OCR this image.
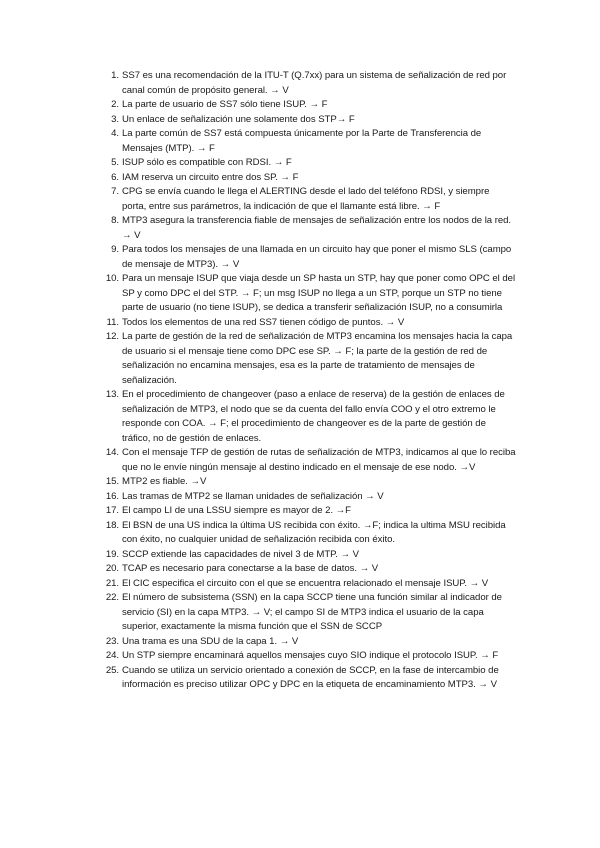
1. SS7 es una recomendación de la ITU-T (Q.7xx) para un sistema de señalización de red por canal común de propósito general. → V
2. La parte de usuario de SS7 sólo tiene ISUP. → F
3. Un enlace de señalización une solamente dos STP→ F
4. La parte común de SS7 está compuesta únicamente por la Parte de Transferencia de Mensajes (MTP). → F
5. ISUP sólo es compatible con RDSI. → F
6. IAM reserva un circuito entre dos SP. → F
7. CPG se envía cuando le llega el ALERTING desde el lado del teléfono RDSI, y siempre porta, entre sus parámetros, la indicación de que el llamante está libre. → F
8. MTP3 asegura la transferencia fiable de mensajes de señalización entre los nodos de la red. → V
9. Para todos los mensajes de una llamada en un circuito hay que poner el mismo SLS (campo de mensaje de MTP3). → V
10. Para un mensaje ISUP que viaja desde un SP hasta un STP, hay que poner como OPC el del SP y como DPC el del STP. → F; un msg ISUP no llega a un STP, porque un STP no tiene parte de usuario (no tiene ISUP), se dedica a transferir señalización ISUP, no a consumirla
11. Todos los elementos de una red SS7 tienen código de puntos. → V
12. La parte de gestión de la red de señalización de MTP3 encamina los mensajes hacia la capa de usuario si el mensaje tiene como DPC ese SP. → F; la parte de la gestión de red de señalización no encamina mensajes, esa es la parte de tratamiento de mensajes de señalización.
13. En el procedimiento de changeover (paso a enlace de reserva) de la gestión de enlaces de señalización de MTP3, el nodo que se da cuenta del fallo envía COO y el otro extremo le responde con COA. → F; el procedimiento de changeover es de la parte de gestión de tráfico, no de gestión de enlaces.
14. Con el mensaje TFP de gestión de rutas de señalización de MTP3, indicamos al que lo reciba que no le envíe ningún mensaje al destino indicado en el mensaje de ese nodo. →V
15. MTP2 es fiable. →V
16. Las tramas de MTP2 se llaman unidades de señalización → V
17. El campo LI de una LSSU siempre es mayor de 2. →F
18. El BSN de una US indica la última US recibida con éxito. →F; indica la ultima MSU recibida con éxito, no cualquier unidad de señalización recibida con éxito.
19. SCCP extiende las capacidades de nivel 3 de MTP. → V
20. TCAP es necesario para conectarse a la base de datos. → V
21. El CIC especifica el circuito con el que se encuentra relacionado el mensaje ISUP. → V
22. El número de subsistema (SSN) en la capa SCCP tiene una función similar al indicador de servicio (SI) en la capa MTP3. → V; el campo SI de MTP3 indica el usuario de la capa superior, exactamente la misma función que el SSN de SCCP
23. Una trama es una SDU de la capa 1. → V
24. Un STP siempre encaminará aquellos mensajes cuyo SIO indique el protocolo ISUP. → F
25. Cuando se utiliza un servicio orientado a conexión de SCCP, en la fase de intercambio de información es preciso utilizar OPC y DPC en la etiqueta de encaminamiento MTP3. → V
